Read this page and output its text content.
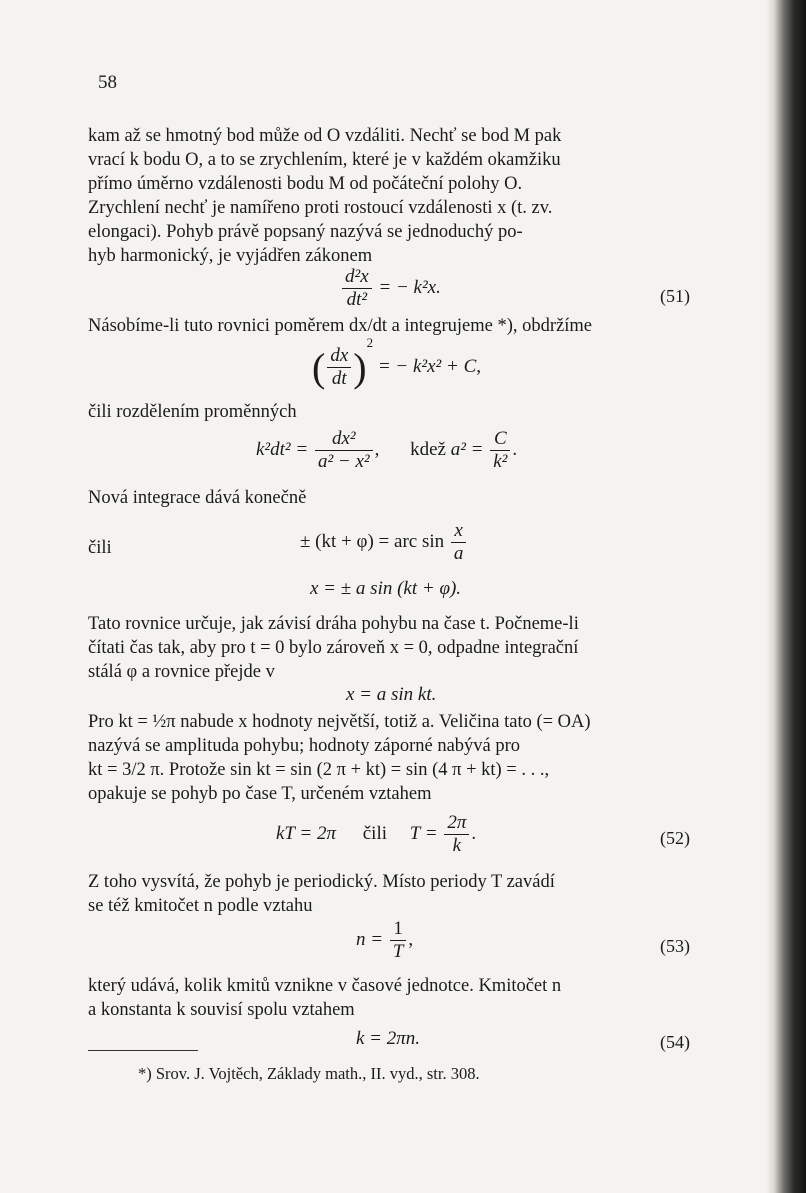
58

kam až se hmotný bod může od O vzdáliti. Nechť se bod M pak
vrací k bodu O, a to se zrychlením, které je v každém okamžiku
přímo úměrno vzdálenosti bodu M od počáteční polohy O.
Zrychlení nechť je namířeno proti rostoucí vzdálenosti x (t. zv.
elongaci). Pohyb právě popsaný nazývá se jednoduchý po-
hyb harmonický, je vyjádřen zákonem

$\frac{\text{d²x}}{\text{dt²}}$ = − k²x.	(51)

Násobíme-li tuto rovnici poměrem dx/dt a integrujeme *), obdržíme

( $\frac{dx}{dt} )^2$ = − k²x² + C,

čili rozdělením proměnných

$k^2dt^2 = \frac{\text{dx²}}{\text{a² − x²}}$ , kdež $a^2 = \frac{C}{\text{k²}}$ .

Nová integrace dává konečně

± (kt + φ) = arc $\sin \frac{x}{a}$
čili
x = ± a sin (kt + φ).

Tato rovnice určuje, jak závisí dráha pohybu na čase t. Počneme-li
čítati čas tak, aby pro t = 0 bylo zároveň x = 0, odpadne integrační
stálá φ a rovnice přejde v

x = a sin kt.

Pro kt = ½π nabude x hodnoty největší, totiž a. Veličina tato (= OA)
nazývá se amplituda pohybu; hodnoty záporné nabývá pro
kt = 3/2 π. Protože sin kt = sin (2 π + kt) = sin (4 π + kt) = . . .,
opakuje se pohyb po čase T, určeném vztahem

kT = 2π čili $T = \frac{2\pi}{k}$ .	(52)

Z toho vysvítá, že pohyb je periodický. Místo periody T zavádí
se též kmitočet n podle vztahu

$n = \frac{1}{T}$ ,	(53)

který udává, kolik kmitů vznikne v časové jednotce. Kmitočet n
a konstanta k souvisí spolu vztahem

k = 2πn.	(54)
*) Srov. J. Vojtěch, Základy math., II. vyd., str. 308.
